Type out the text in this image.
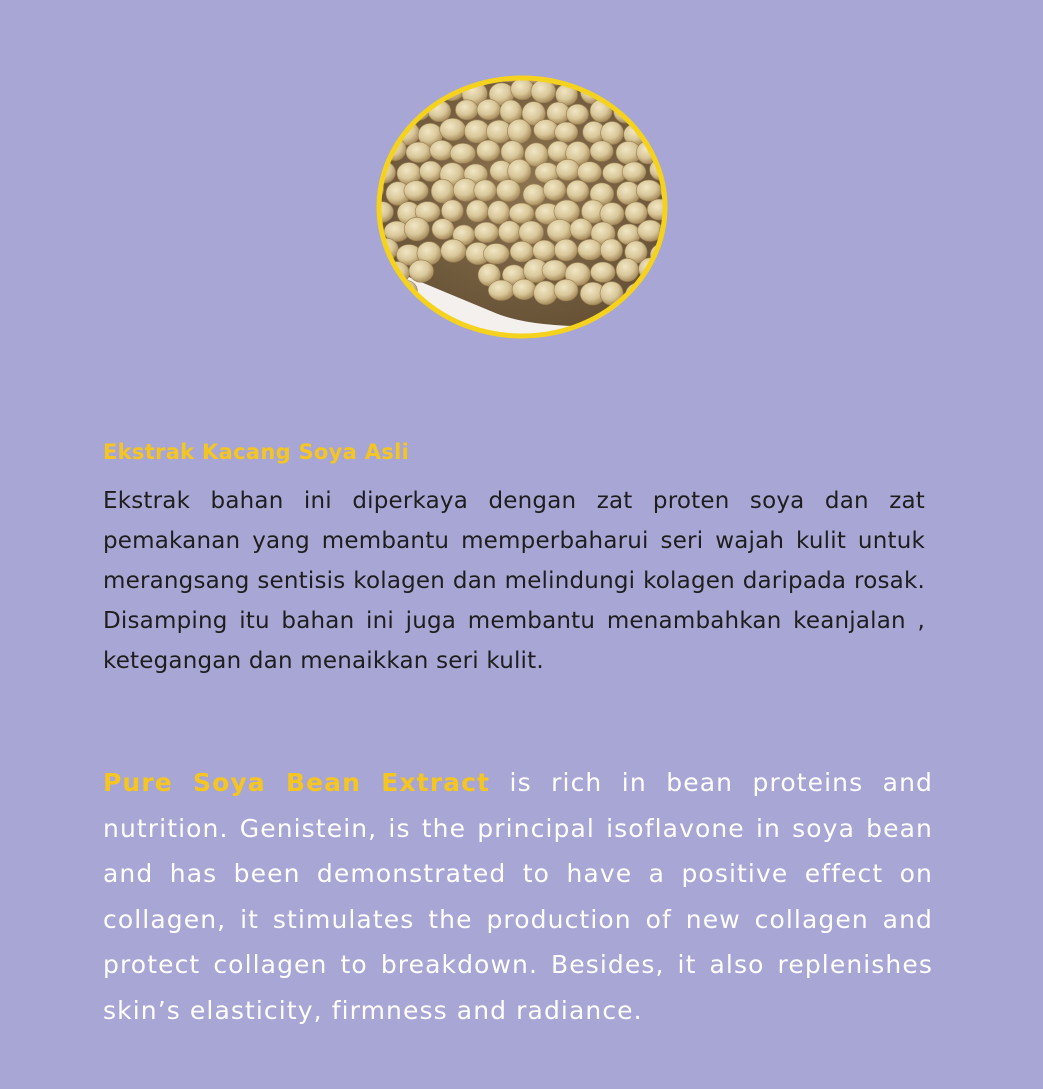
Ekstrak Kacang Soya Asli

Ekstrak bahan ini diperkaya dengan zat proten soya dan zat pemakanan yang membantu memperbaharui seri wajah kulit untuk merangsang sentisis kolagen dan melindungi kolagen daripada rosak. Disamping itu bahan ini juga membantu menambahkan keanjalan , ketegangan dan menaikkan seri kulit.

Pure Soya Bean Extract is rich in bean proteins and nutrition. Genistein, is the principal isoflavone in soya bean and has been demonstrated to have a positive effect on collagen, it stimulates the production of new collagen and protect collagen to breakdown. Besides, it also replenishes skin’s elasticity, firmness and radiance.
